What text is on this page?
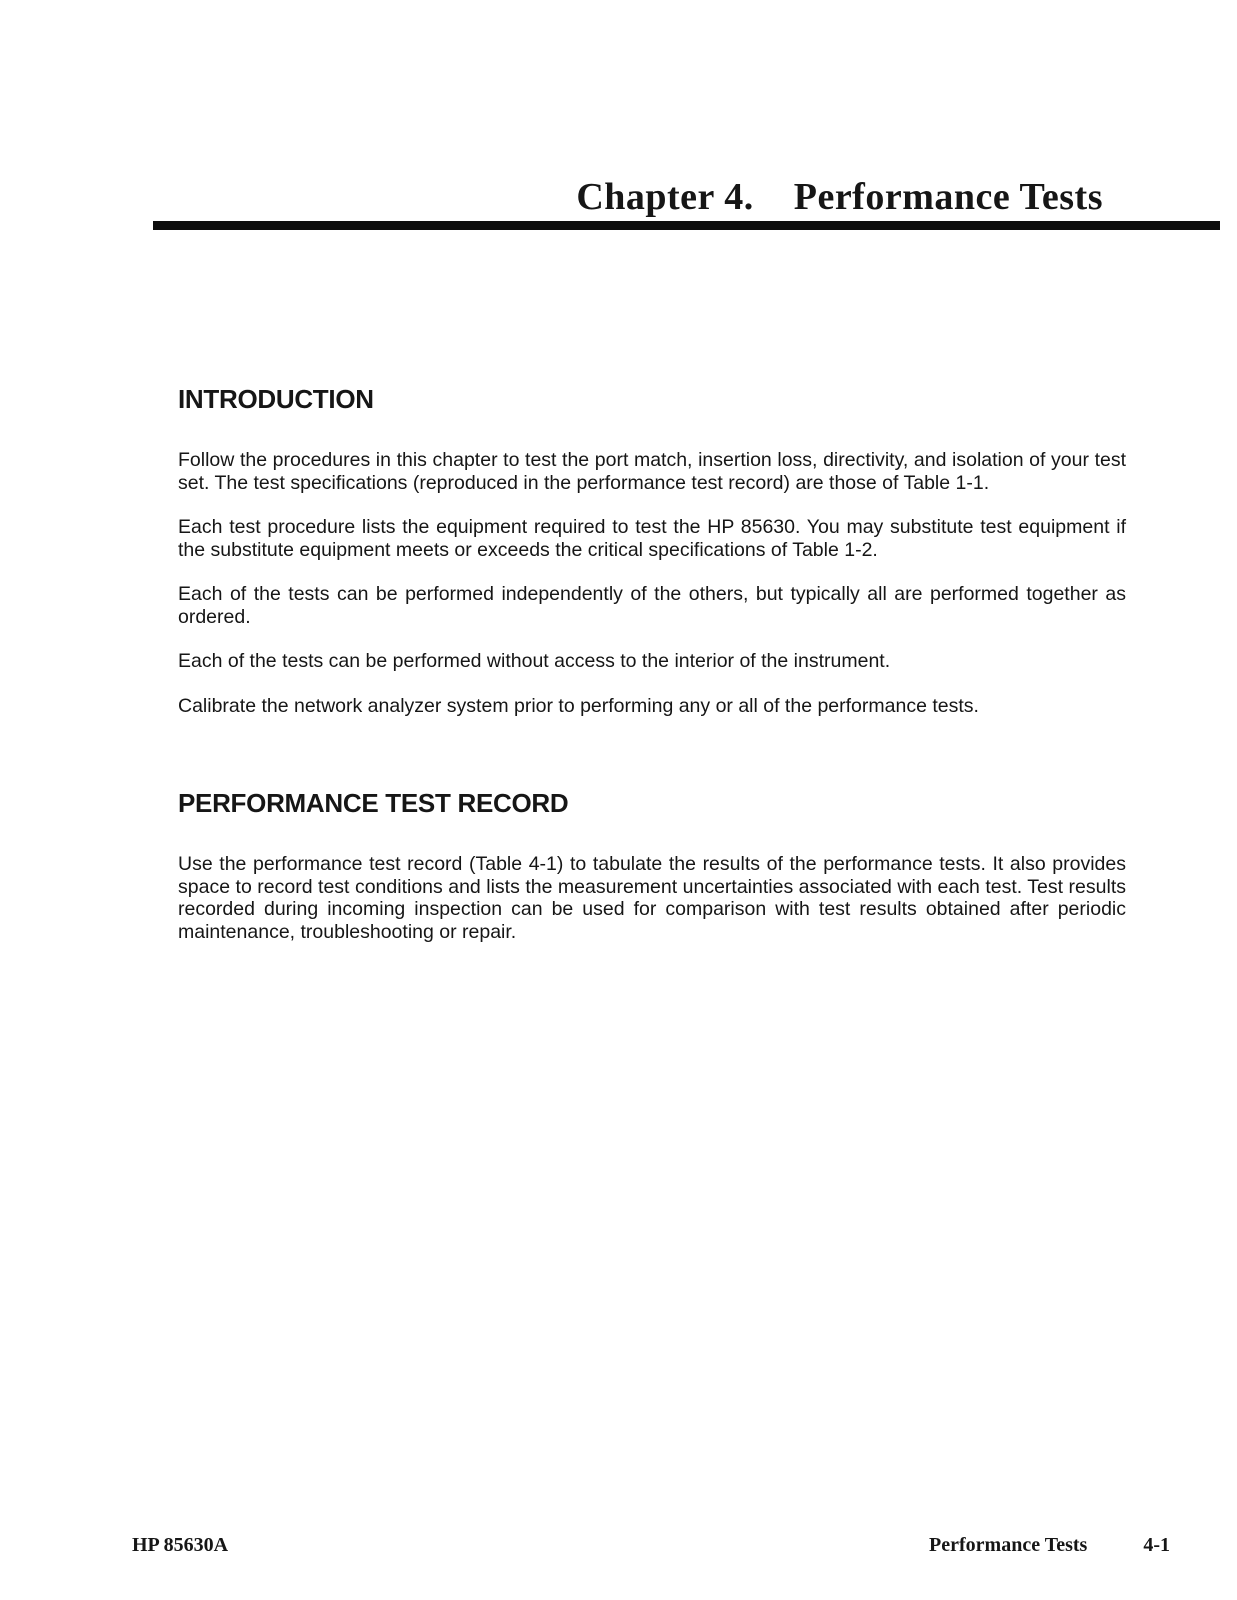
Chapter 4. Performance Tests
INTRODUCTION

Follow the procedures in this chapter to test the port match, insertion loss, directivity, and isolation of your test set. The test specifications (reproduced in the performance test record) are those of Table 1-1.

Each test procedure lists the equipment required to test the HP 85630. You may substitute test equipment if the substitute equipment meets or exceeds the critical specifications of Table 1-2.

Each of the tests can be performed independently of the others, but typically all are performed together as ordered.

Each of the tests can be performed without access to the interior of the instrument.

Calibrate the network analyzer system prior to performing any or all of the performance tests.

PERFORMANCE TEST RECORD

Use the performance test record (Table 4-1) to tabulate the results of the performance tests. It also provides space to record test conditions and lists the measurement uncertainties associated with each test. Test results recorded during incoming inspection can be used for comparison with test results obtained after periodic maintenance, troubleshooting or repair.

HP 85630A	Performance Tests	4-1
